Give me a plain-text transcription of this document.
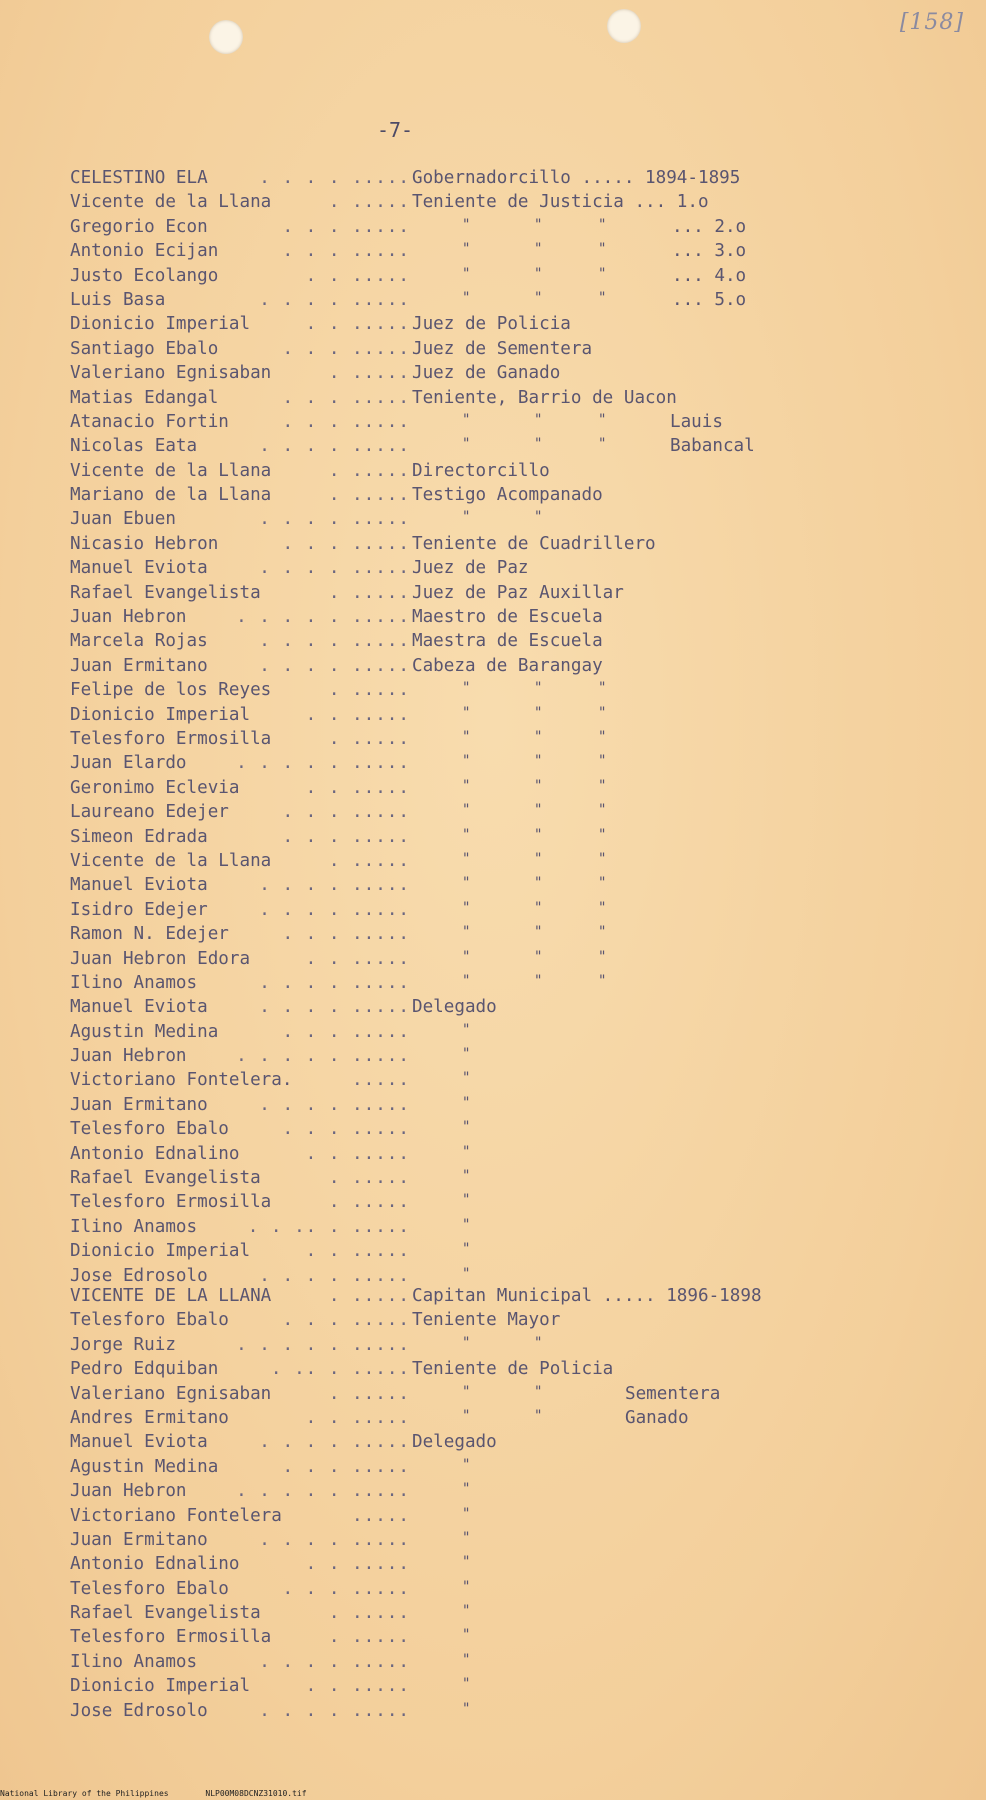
[158]
-7-
CELESTINO ELA	. . . . ..... Gobernadorcillo ..... 1894-1895
Vicente de la Llana	. ..... Teniente de Justicia ... 1.o
Gregorio Econ	. . . .....	"	"	"	... 2.o
Antonio Ecijan	. . . .....	"	"	"	... 3.o
Justo Ecolango	. . .....	"	"	"	... 4.o
Luis Basa	. . . . .....	"	"	"	... 5.o
Dionicio Imperial	. . ..... Juez de Policia
Santiago Ebalo	. . . ..... Juez de Sementera
Valeriano Egnisaban	. ..... Juez de Ganado
Matias Edangal	. . . ..... Teniente, Barrio de Uacon
Atanacio Fortin	. . . .....	"	"	"	Lauis
Nicolas Eata	. . . . .....	"	"	"	Babancal
Vicente de la Llana	. ..... Directorcillo
Mariano de la Llana	. ..... Testigo Acompanado
Juan Ebuen	. . . . .....	"	"
Nicasio Hebron	. . . ..... Teniente de Cuadrillero
Manuel Eviota	. . . . ..... Juez de Paz
Rafael Evangelista	. ..... Juez de Paz Auxillar
Juan Hebron	. . . . . ..... Maestro de Escuela
Marcela Rojas	. . . . ..... Maestra de Escuela
Juan Ermitano	. . . . ..... Cabeza de Barangay
Felipe de los Reyes	. .....	"	"	"
Dionicio Imperial	. . .....	"	"	"
Telesforo Ermosilla	. .....	"	"	"
Juan Elardo	. . . . . .....	"	"	"
Geronimo Eclevia	. . .....	"	"	"
Laureano Edejer	. . . .....	"	"	"
Simeon Edrada	. . . .....	"	"	"
Vicente de la Llana	. .....	"	"	"
Manuel Eviota	. . . . .....	"	"	"
Isidro Edejer	. . . . .....	"	"	"
Ramon N. Edejer	. . . .....	"	"	"
Juan Hebron Edora	. . .....	"	"	"
Ilino Anamos	. . . . .....	"	"	"
Manuel Eviota	. . . . ..... Delegado
Agustin Medina	. . . .....	"
Juan Hebron	. . . . . .....	"
Victoriano Fontelera.	.....	"
Juan Ermitano	. . . . .....	"
Telesforo Ebalo	. . . .....	"
Antonio Ednalino	. . .....	"
Rafael Evangelista	. .....	"
Telesforo Ermosilla	. .....	"
Ilino Anamos	. . .. . .....	"
Dionicio Imperial	. . .....	"
Jose Edrosolo	. . . . .....	"
VICENTE DE LA LLANA	. ..... Capitan Municipal ..... 1896-1898
Telesforo Ebalo	. . . ..... Teniente Mayor
Jorge Ruiz	. . . . . .....	"	"
Pedro Edquiban	. .. . ..... Teniente de Policia
Valeriano Egnisaban	. .....	"	"	Sementera
Andres Ermitano	. . .....	"	"	Ganado
Manuel Eviota	. . . . ..... Delegado
Agustin Medina	. . . .....	"
Juan Hebron	. . . . . .....	"
Victoriano Fontelera	.....	"
Juan Ermitano	. . . . .....	"
Antonio Ednalino	. . .....	"
Telesforo Ebalo	. . . .....	"
Rafael Evangelista	. .....	"
Telesforo Ermosilla	. .....	"
Ilino Anamos	. . . . .....	"
Dionicio Imperial	. . .....	"
Jose Edrosolo	. . . . .....	"
National Library of the Philippines	NLP00M08DCNZ31010.tif
